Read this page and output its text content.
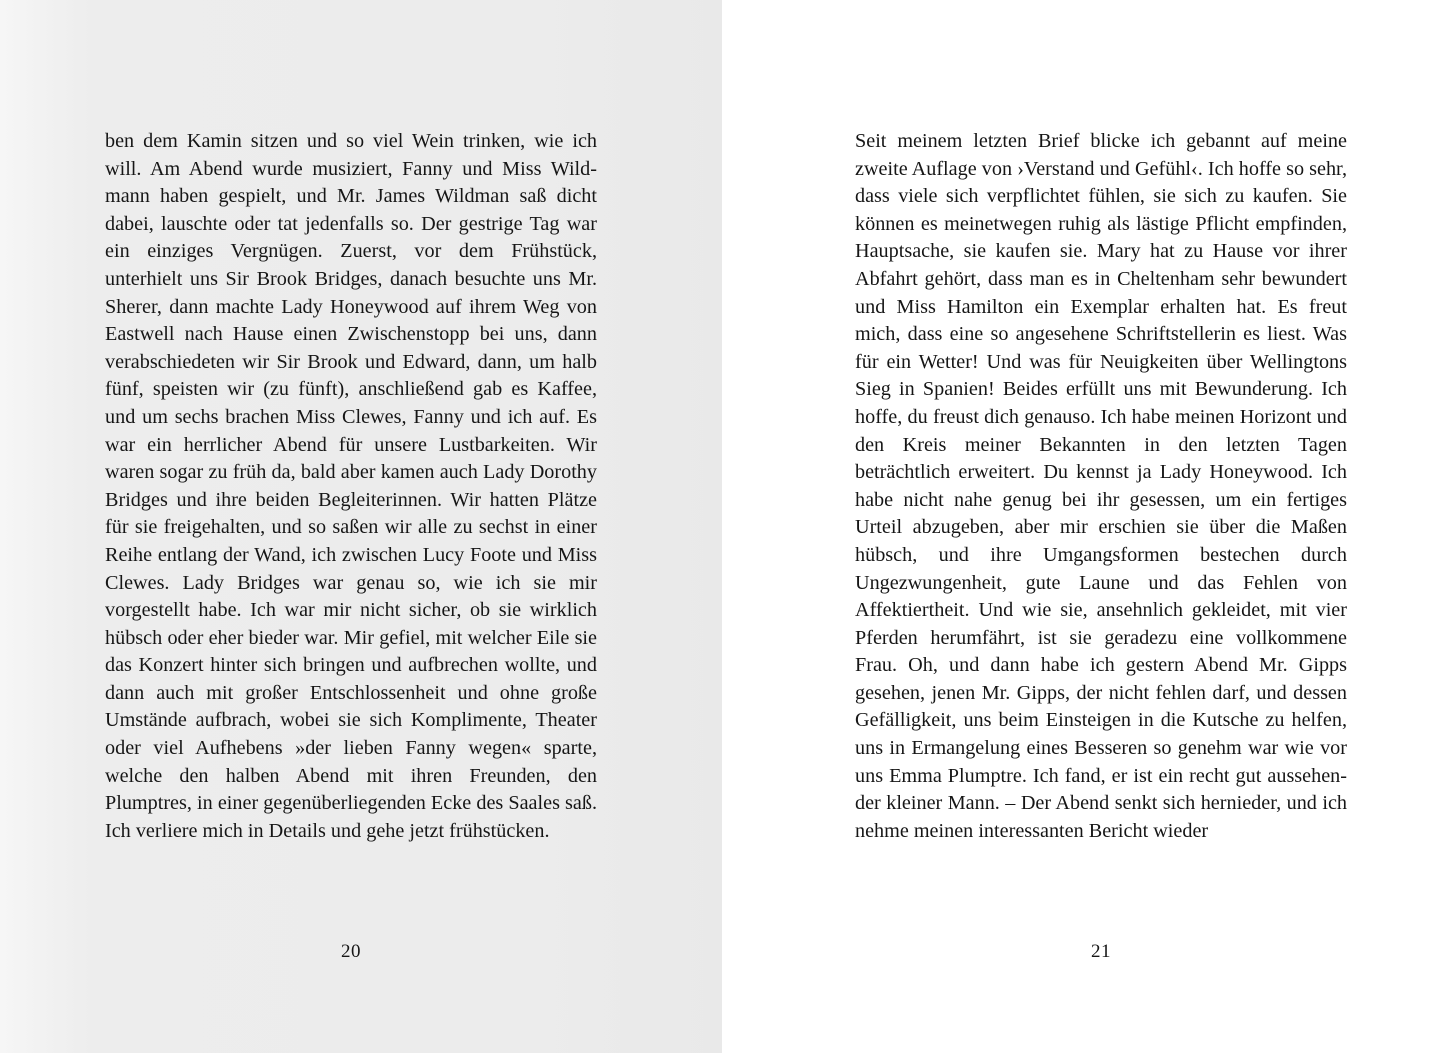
ben dem Kamin sitzen und so viel Wein trinken, wie ich will. Am Abend wurde musiziert, Fanny und Miss Wildmann haben gespielt, und Mr. James Wildman saß dicht dabei, lauschte oder tat jedenfalls so. Der gestrige Tag war ein einziges Vergnügen. Zuerst, vor dem Frühstück, unterhielt uns Sir Brook Bridges, danach besuchte uns Mr. Sherer, dann machte Lady Honeywood auf ihrem Weg von Eastwell nach Hause einen Zwischenstopp bei uns, dann verabschiedeten wir Sir Brook und Edward, dann, um halb fünf, speisten wir (zu fünft), anschließend gab es Kaffee, und um sechs brachen Miss Clewes, Fanny und ich auf. Es war ein herrlicher Abend für unsere Lustbarkeiten. Wir waren sogar zu früh da, bald aber kamen auch Lady Dorothy Bridges und ihre beiden Begleiterinnen. Wir hatten Plätze für sie freigehalten, und so saßen wir alle zu sechst in einer Reihe entlang der Wand, ich zwischen Lucy Foote und Miss Clewes. Lady Bridges war genau so, wie ich sie mir vorgestellt habe. Ich war mir nicht sicher, ob sie wirklich hübsch oder eher bieder war. Mir gefiel, mit welcher Eile sie das Konzert hinter sich bringen und aufbrechen wollte, und dann auch mit großer Entschlossenheit und ohne große Umstände aufbrach, wobei sie sich Komplimente, Theater oder viel Aufhebens »der lieben Fanny wegen« sparte, welche den halben Abend mit ihren Freunden, den Plumptres, in einer gegenüberliegenden Ecke des Saales saß. Ich verliere mich in Details und gehe jetzt frühstücken.

20

Seit meinem letzten Brief blicke ich gebannt auf meine zweite Auflage von ›Verstand und Gefühl‹. Ich hoffe so sehr, dass viele sich verpflichtet fühlen, sie sich zu kaufen. Sie können es meinetwegen ruhig als lästige Pflicht empfinden, Hauptsache, sie kaufen sie. Mary hat zu Hause vor ihrer Abfahrt gehört, dass man es in Cheltenham sehr bewundert und Miss Hamilton ein Exemplar erhalten hat. Es freut mich, dass eine so angesehene Schriftstellerin es liest. Was für ein Wetter! Und was für Neuigkeiten über Wellingtons Sieg in Spanien! Beides erfüllt uns mit Bewunderung. Ich hoffe, du freust dich genauso. Ich habe meinen Horizont und den Kreis meiner Bekannten in den letzten Tagen beträchtlich erweitert. Du kennst ja Lady Honeywood. Ich habe nicht nahe genug bei ihr gesessen, um ein fertiges Urteil abzugeben, aber mir erschien sie über die Maßen hübsch, und ihre Umgangsformen bestechen durch Ungezwungenheit, gute Laune und das Fehlen von Affektiertheit. Und wie sie, ansehnlich gekleidet, mit vier Pferden herumfährt, ist sie geradezu eine vollkommene Frau. Oh, und dann habe ich gestern Abend Mr. Gipps gesehen, jenen Mr. Gipps, der nicht fehlen darf, und dessen Gefälligkeit, uns beim Einsteigen in die Kutsche zu helfen, uns in Ermangelung eines Besseren so genehm war wie vor uns Emma Plumptre. Ich fand, er ist ein recht gut aussehender kleiner Mann. – Der Abend senkt sich hernieder, und ich nehme meinen interessanten Bericht wieder

21
